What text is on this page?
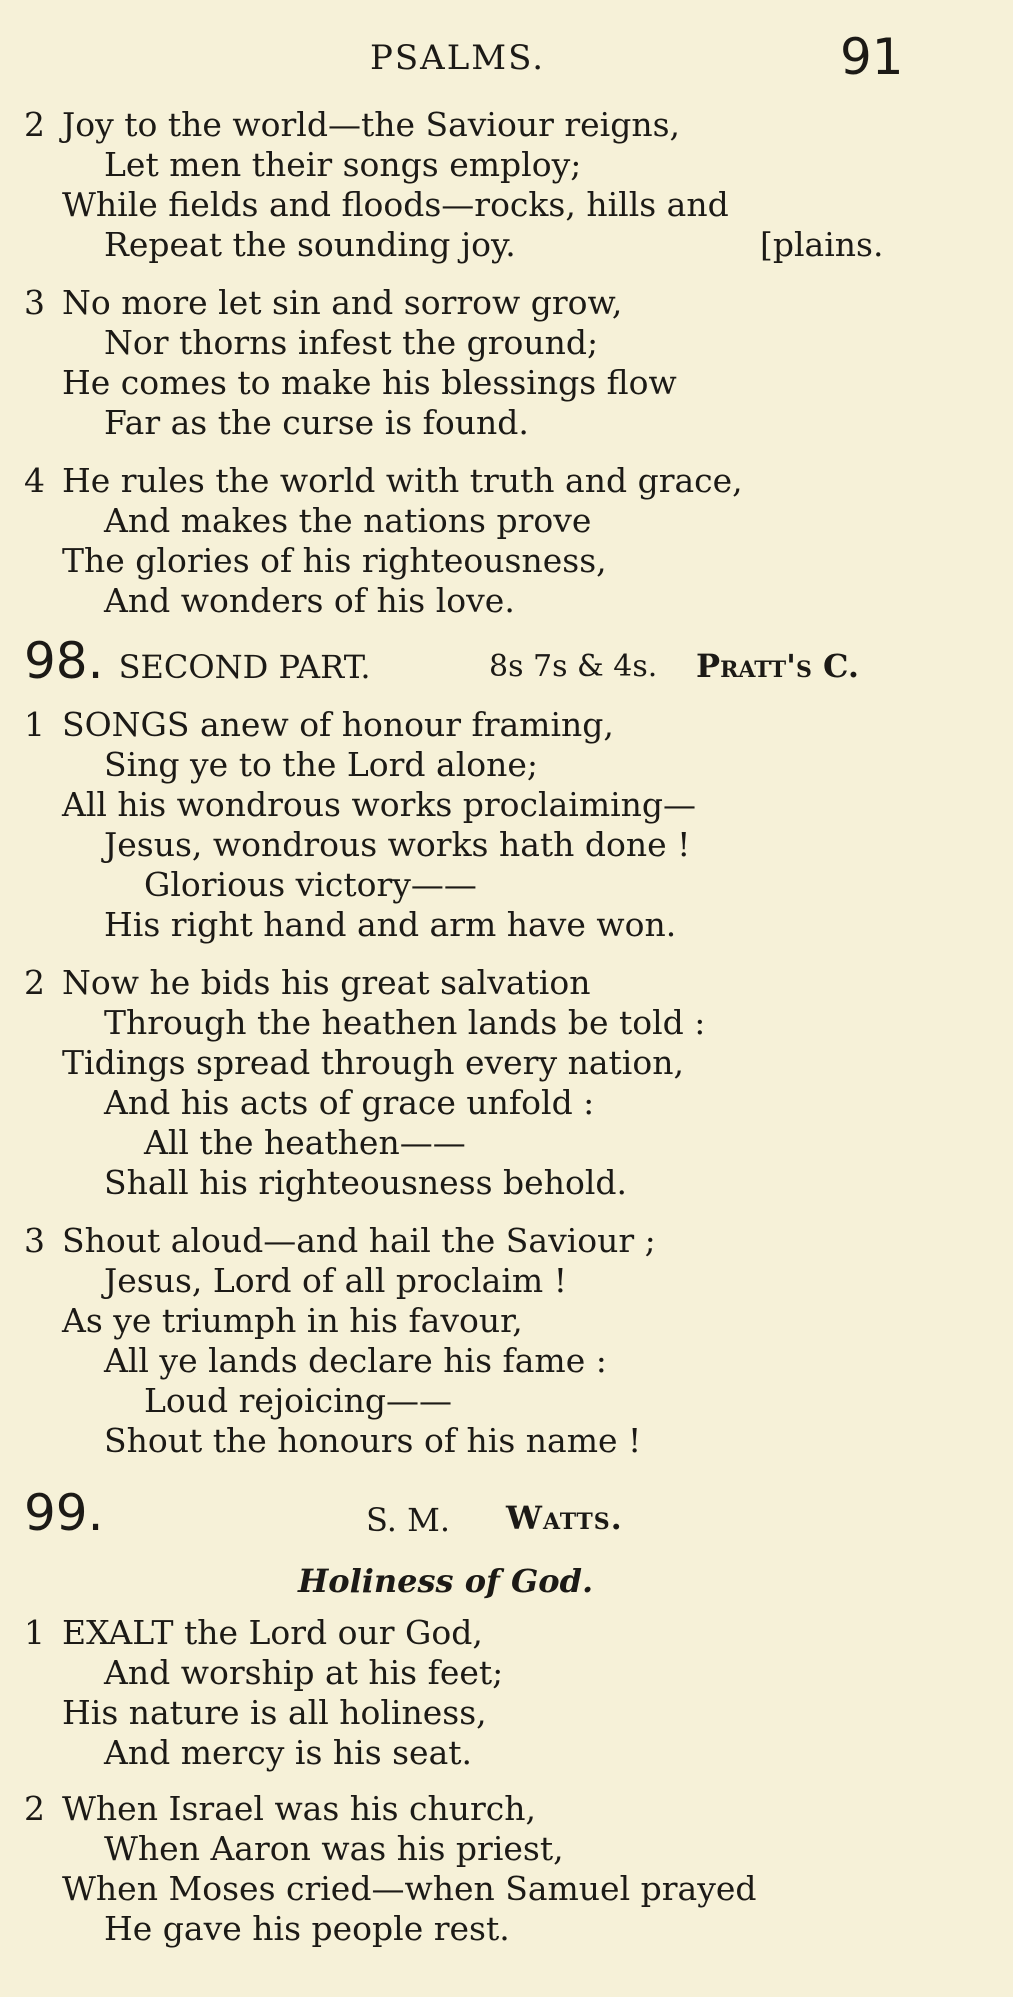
PSALMS.	91
2 Joy to the world—the Saviour reigns,
Let men their songs employ;
While fields and floods—rocks, hills and
Repeat the sounding joy.	[plains.
3 No more let sin and sorrow grow,
Nor thorns infest the ground;
He comes to make his blessings flow
Far as the curse is found.
4 He rules the world with truth and grace,
And makes the nations prove
The glories of his righteousness,
And wonders of his love.
98. SECOND PART.	8s 7s & 4s. Pratt's C.
1 SONGS anew of honour framing,
Sing ye to the Lord alone;
All his wondrous works proclaiming—
Jesus, wondrous works hath done !
Glorious victory——
His right hand and arm have won.
2 Now he bids his great salvation
Through the heathen lands be told :
Tidings spread through every nation,
And his acts of grace unfold :
All the heathen——
Shall his righteousness behold.
3 Shout aloud—and hail the Saviour ;
Jesus, Lord of all proclaim !
As ye triumph in his favour,
All ye lands declare his fame :
Loud rejoicing——
Shout the honours of his name !
99.	S. M. Watts.
Holiness of God.
1 EXALT the Lord our God,
And worship at his feet;
His nature is all holiness,
And mercy is his seat.
2 When Israel was his church,
When Aaron was his priest,
When Moses cried—when Samuel prayed
He gave his people rest.
